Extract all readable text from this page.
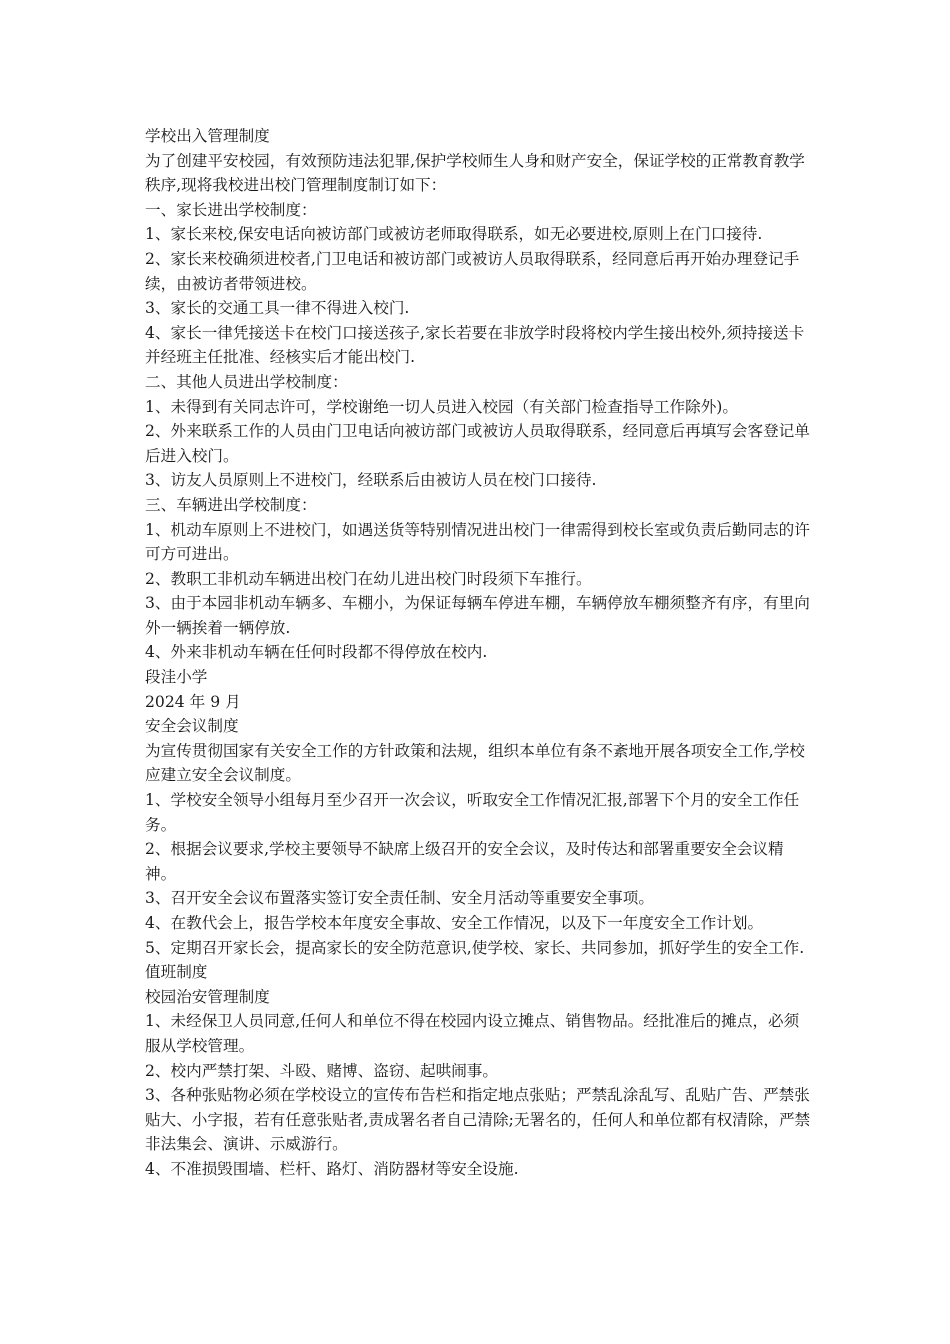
学校出入管理制度

为了创建平安校园，有效预防违法犯罪,保护学校师生人身和财产安全，保证学校的正常教育教学秩序,现将我校进出校门管理制度制订如下：

一、家长进出学校制度：

1、家长来校,保安电话向被访部门或被访老师取得联系，如无必要进校,原则上在门口接待.

2、家长来校确须进校者,门卫电话和被访部门或被访人员取得联系，经同意后再开始办理登记手续，由被访者带领进校。

3、家长的交通工具一律不得进入校门.

4、家长一律凭接送卡在校门口接送孩子,家长若要在非放学时段将校内学生接出校外,须持接送卡并经班主任批准、经核实后才能出校门.

二、其他人员进出学校制度：

1、未得到有关同志许可，学校谢绝一切人员进入校园（有关部门检查指导工作除外)。

2、外来联系工作的人员由门卫电话向被访部门或被访人员取得联系，经同意后再填写会客登记单后进入校门。

3、访友人员原则上不进校门，经联系后由被访人员在校门口接待.

三、车辆进出学校制度：

1、机动车原则上不进校门，如遇送货等特别情况进出校门一律需得到校长室或负责后勤同志的许可方可进出。

2、教职工非机动车辆进出校门在幼儿进出校门时段须下车推行。

3、由于本园非机动车辆多、车棚小，为保证每辆车停进车棚，车辆停放车棚须整齐有序，有里向外一辆挨着一辆停放.

4、外来非机动车辆在任何时段都不得停放在校内.

段洼小学

2024 年 9 月

安全会议制度

为宣传贯彻国家有关安全工作的方针政策和法规，组织本单位有条不紊地开展各项安全工作,学校应建立安全会议制度。

1、学校安全领导小组每月至少召开一次会议，听取安全工作情况汇报,部署下个月的安全工作任务。

2、根据会议要求,学校主要领导不缺席上级召开的安全会议，及时传达和部署重要安全会议精神。

3、召开安全会议布置落实签订安全责任制、安全月活动等重要安全事项。

4、在教代会上，报告学校本年度安全事故、安全工作情况，以及下一年度安全工作计划。

5、定期召开家长会，提高家长的安全防范意识,使学校、家长、共同参加，抓好学生的安全工作.

值班制度

校园治安管理制度

1、未经保卫人员同意,任何人和单位不得在校园内设立摊点、销售物品。经批准后的摊点，必须服从学校管理。

2、校内严禁打架、斗殴、赌博、盗窃、起哄闹事。

3、各种张贴物必须在学校设立的宣传布告栏和指定地点张贴；严禁乱涂乱写、乱贴广告、严禁张贴大、小字报，若有任意张贴者,责成署名者自己清除;无署名的，任何人和单位都有权清除，严禁非法集会、演讲、示威游行。

4、不准损毁围墙、栏杆、路灯、消防器材等安全设施.
